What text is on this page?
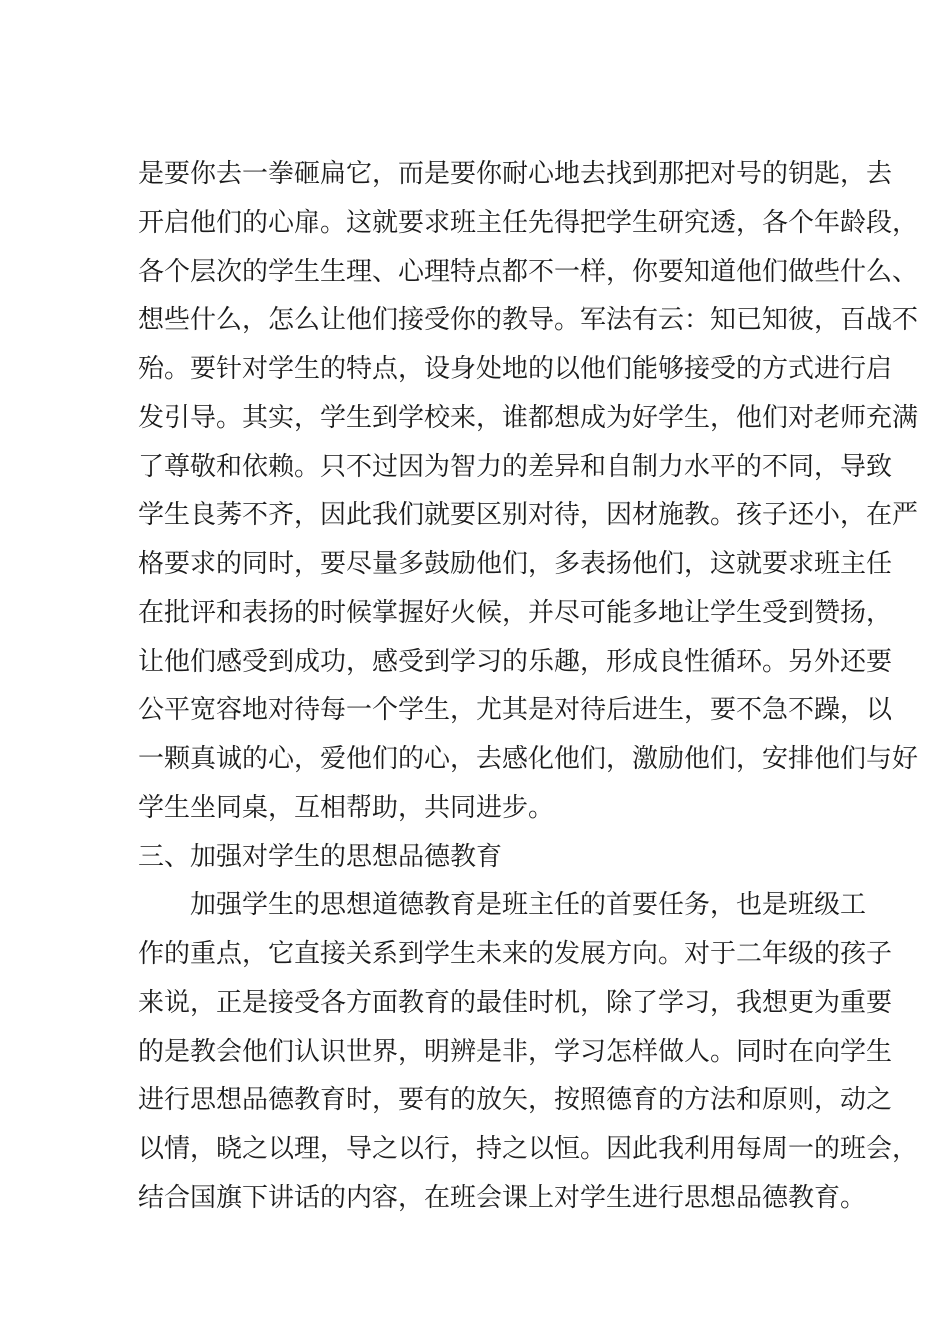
是要你去一拳砸扁它，而是要你耐心地去找到那把对号的钥匙，去
开启他们的心扉。这就要求班主任先得把学生研究透，各个年龄段，
各个层次的学生生理、心理特点都不一样，你要知道他们做些什么、
想些什么，怎么让他们接受你的教导。军法有云：知已知彼，百战不
殆。要针对学生的特点，设身处地的以他们能够接受的方式进行启
发引导。其实，学生到学校来，谁都想成为好学生，他们对老师充满
了尊敬和依赖。只不过因为智力的差异和自制力水平的不同，导致
学生良莠不齐，因此我们就要区别对待，因材施教。孩子还小，在严
格要求的同时，要尽量多鼓励他们，多表扬他们，这就要求班主任
在批评和表扬的时候掌握好火候，并尽可能多地让学生受到赞扬，
让他们感受到成功，感受到学习的乐趣，形成良性循环。另外还要
公平宽容地对待每一个学生，尤其是对待后进生，要不急不躁，以
一颗真诚的心，爱他们的心，去感化他们，激励他们，安排他们与好
学生坐同桌，互相帮助，共同进步。
三、加强对学生的思想品德教育
加强学生的思想道德教育是班主任的首要任务，也是班级工
作的重点，它直接关系到学生未来的发展方向。对于二年级的孩子
来说，正是接受各方面教育的最佳时机，除了学习，我想更为重要
的是教会他们认识世界，明辨是非，学习怎样做人。同时在向学生
进行思想品德教育时，要有的放矢，按照德育的方法和原则，动之
以情，晓之以理，导之以行，持之以恒。因此我利用每周一的班会，
结合国旗下讲话的内容，在班会课上对学生进行思想品德教育。
